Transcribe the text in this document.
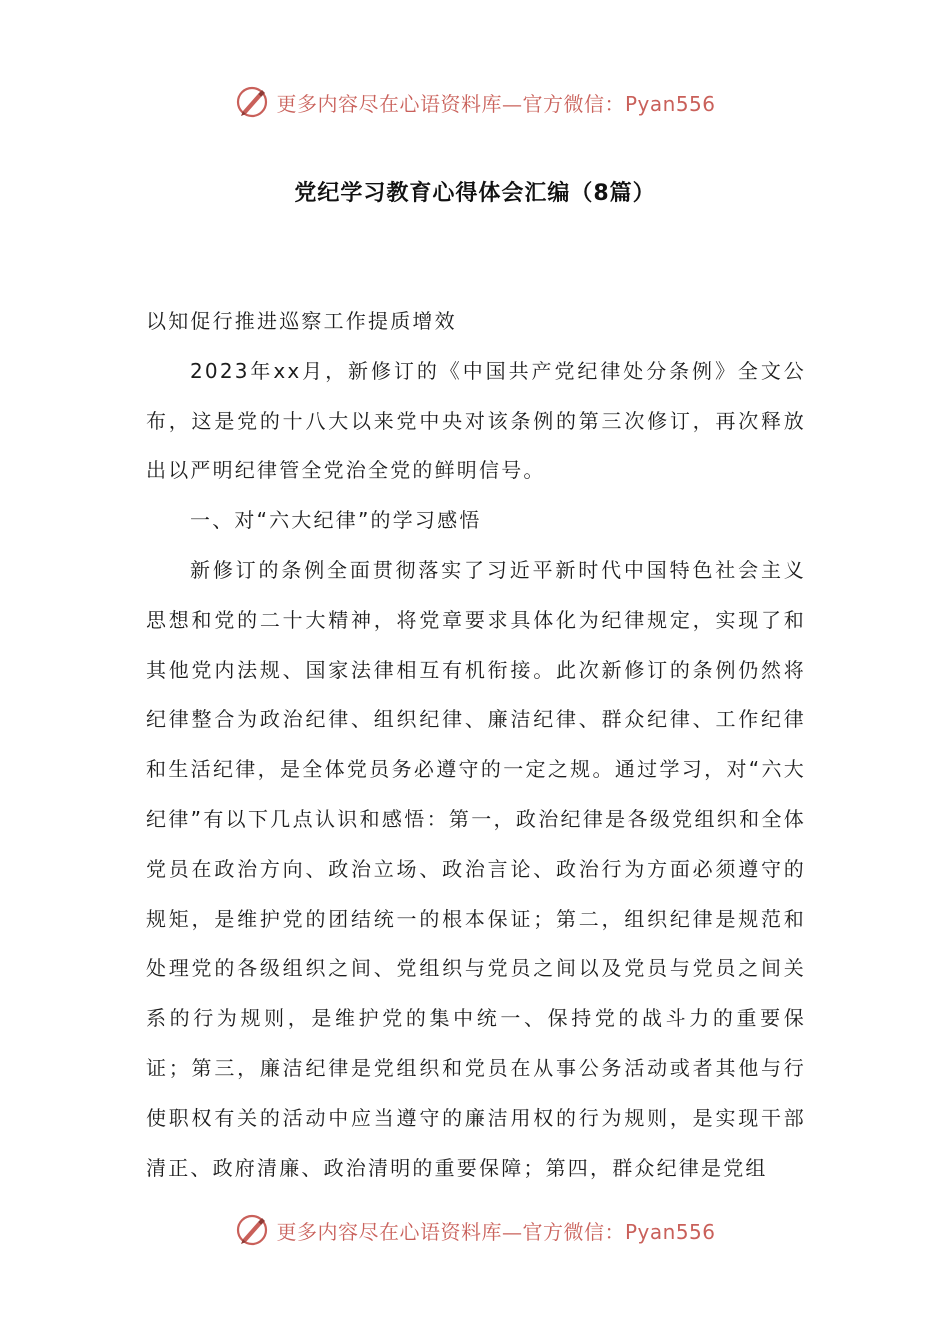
更多内容尽在心语资料库—官方微信：Pyan556
党纪学习教育心得体会汇编（8篇）

以知促行推进巡察工作提质增效

2023年xx月，新修订的《中国共产党纪律处分条例》全文公布，这是党的十八大以来党中央对该条例的第三次修订，再次释放出以严明纪律管全党治全党的鲜明信号。

一、对“六大纪律”的学习感悟

新修订的条例全面贯彻落实了习近平新时代中国特色社会主义思想和党的二十大精神，将党章要求具体化为纪律规定，实现了和其他党内法规、国家法律相互有机衔接。此次新修订的条例仍然将纪律整合为政治纪律、组织纪律、廉洁纪律、群众纪律、工作纪律和生活纪律，是全体党员务必遵守的一定之规。通过学习，对“六大纪律”有以下几点认识和感悟：第一，政治纪律是各级党组织和全体党员在政治方向、政治立场、政治言论、政治行为方面必须遵守的规矩，是维护党的团结统一的根本保证；第二，组织纪律是规范和处理党的各级组织之间、党组织与党员之间以及党员与党员之间关系的行为规则，是维护党的集中统一、保持党的战斗力的重要保证；第三，廉洁纪律是党组织和党员在从事公务活动或者其他与行使职权有关的活动中应当遵守的廉洁用权的行为规则，是实现干部清正、政府清廉、政治清明的重要保障；第四，群众纪律是党组

更多内容尽在心语资料库—官方微信：Pyan556
